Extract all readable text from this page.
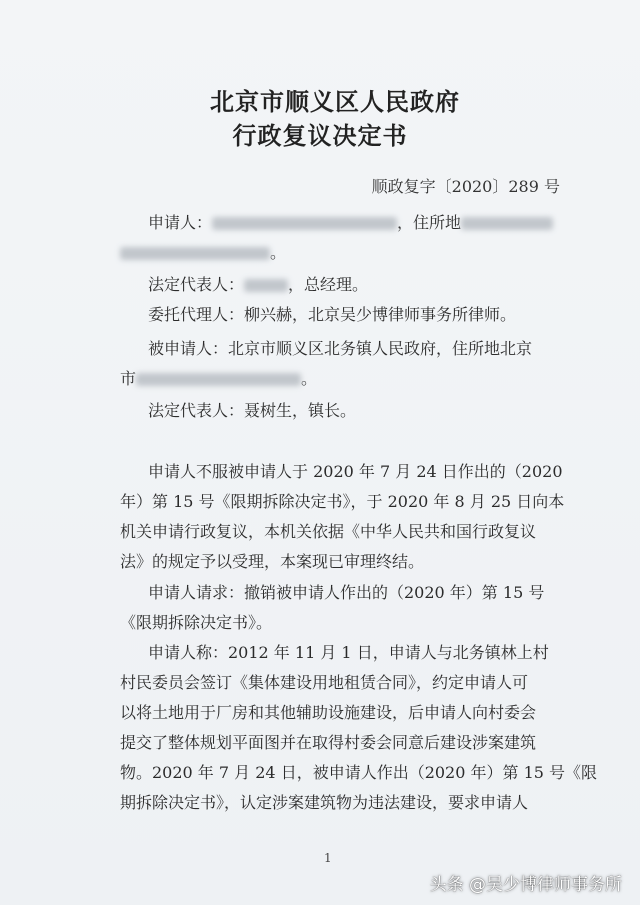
北京市顺义区人民政府
行政复议决定书
顺政复字〔2020〕289 号
申请人：	，住所地
。
法定代表人：	，总经理。
委托代理人：柳兴赫，北京吴少博律师事务所律师。
被申请人：北京市顺义区北务镇人民政府，住所地北京
市	。
法定代表人：聂树生，镇长。
申请人不服被申请人于 2020 年 7 月 24 日作出的（2020
年）第 15 号《限期拆除决定书》，于 2020 年 8 月 25 日向本
机关申请行政复议，本机关依据《中华人民共和国行政复议
法》的规定予以受理，本案现已审理终结。
申请人请求：撤销被申请人作出的（2020 年）第 15 号
《限期拆除决定书》。
申请人称：2012 年 11 月 1 日，申请人与北务镇林上村
村民委员会签订《集体建设用地租赁合同》，约定申请人可
以将土地用于厂房和其他辅助设施建设，后申请人向村委会
提交了整体规划平面图并在取得村委会同意后建设涉案建筑
物。2020 年 7 月 24 日，被申请人作出（2020 年）第 15 号《限
期拆除决定书》，认定涉案建筑物为违法建设，要求申请人
1
头条 @吴少博律师事务所
